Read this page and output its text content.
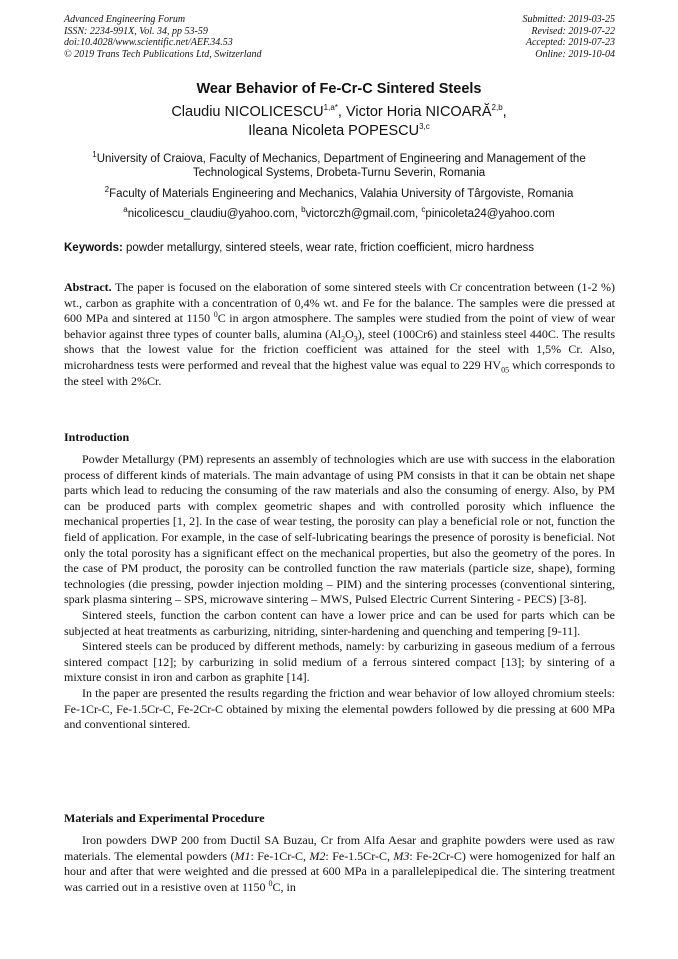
Advanced Engineering Forum
ISSN: 2234-991X, Vol. 34, pp 53-59
doi:10.4028/www.scientific.net/AEF.34.53
© 2019 Trans Tech Publications Ltd, Switzerland
Submitted: 2019-03-25
Revised: 2019-07-22
Accepted: 2019-07-23
Online: 2019-10-04
Wear Behavior of Fe-Cr-C Sintered Steels
Claudiu $NICOLICESCU^{1,a*}$, Victor Horia NICOARĂ$^{2,b}$,
Ileana Nicoleta POPESCU$^{3,c}$
$^1$University of Craiova, Faculty of Mechanics, Department of Engineering and Management of the Technological Systems, Drobeta-Turnu Severin, Romania
$^2$Faculty of Materials Engineering and Mechanics, Valahia University of Târgoviste, Romania
$^a$nicolicescu_claudiu@yahoo.com, $^b$victorczh@gmail.com, $^c$pinicoleta24@yahoo.com
Keywords: powder metallurgy, sintered steels, wear rate, friction coefficient, micro hardness

Abstract. The paper is focused on the elaboration of some sintered steels with Cr concentration between (1-2 %) wt., carbon as graphite with a concentration of 0,4% wt. and Fe for the balance. The samples were die pressed at 600 MPa and sintered at 1150 $^0$C in argon atmosphere. The samples were studied from the point of view of wear behavior against three types of counter balls, alumina $(Al_2O_3)$, steel (100Cr6) and stainless steel 440C. The results shows that the lowest value for the friction coefficient was attained for the steel with 1,5% Cr. Also, microhardness tests were performed and reveal that the highest value was equal to 229 $HV_{05}$ which corresponds to the steel with 2%Cr.

Introduction

Powder Metallurgy (PM) represents an assembly of technologies which are use with success in the elaboration process of different kinds of materials. The main advantage of using PM consists in that it can be obtain net shape parts which lead to reducing the consuming of the raw materials and also the consuming of energy. Also, by PM can be produced parts with complex geometric shapes and with controlled porosity which influence the mechanical properties [1, 2]. In the case of wear testing, the porosity can play a beneficial role or not, function the field of application. For example, in the case of self-lubricating bearings the presence of porosity is beneficial. Not only the total porosity has a significant effect on the mechanical properties, but also the geometry of the pores. In the case of PM product, the porosity can be controlled function the raw materials (particle size, shape), forming technologies (die pressing, powder injection molding – PIM) and the sintering processes (conventional sintering, spark plasma sintering – SPS, microwave sintering – MWS, Pulsed Electric Current Sintering - PECS) [3-8].

Sintered steels, function the carbon content can have a lower price and can be used for parts which can be subjected at heat treatments as carburizing, nitriding, sinter-hardening and quenching and tempering [9-11].

Sintered steels can be produced by different methods, namely: by carburizing in gaseous medium of a ferrous sintered compact [12]; by carburizing in solid medium of a ferrous sintered compact [13]; by sintering of a mixture consist in iron and carbon as graphite [14].

In the paper are presented the results regarding the friction and wear behavior of low alloyed chromium steels: Fe-1Cr-C, Fe-1.5Cr-C, Fe-2Cr-C obtained by mixing the elemental powders followed by die pressing at 600 MPa and conventional sintered.

Materials and Experimental Procedure

Iron powders DWP 200 from Ductil SA Buzau, Cr from Alfa Aesar and graphite powders were used as raw materials. The elemental powders (M1: Fe-1Cr-C, M2: Fe-1.5Cr-C, M3: Fe-2Cr-C) were homogenized for half an hour and after that were weighted and die pressed at 600 MPa in a parallelepipedical die. The sintering treatment was carried out in a resistive oven at 1150 $^0$C, in
